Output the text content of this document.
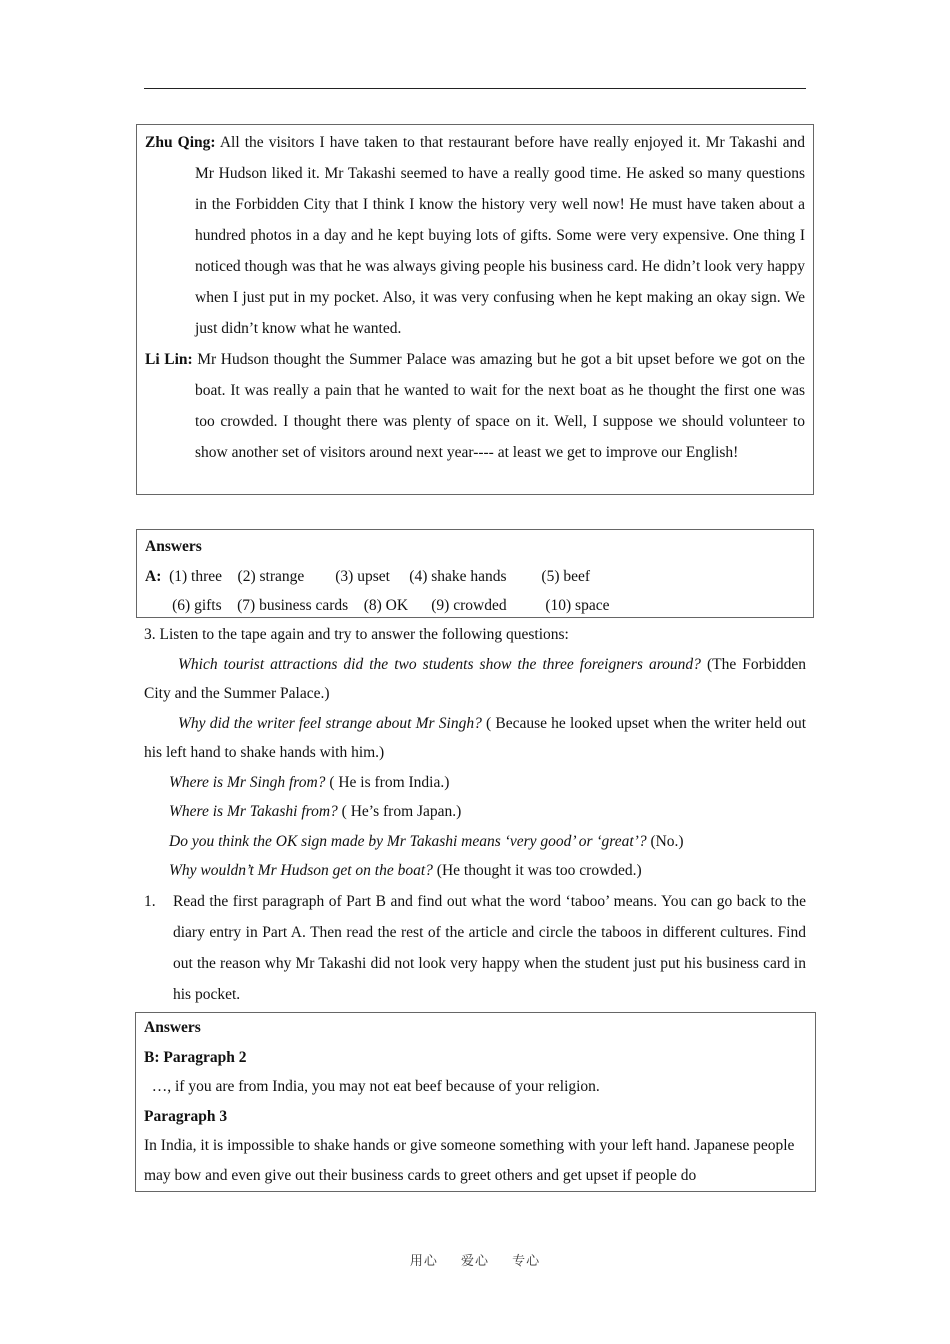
Zhu Qing: All the visitors I have taken to that restaurant before have really enjoyed it. Mr Takashi and Mr Hudson liked it. Mr Takashi seemed to have a really good time. He asked so many questions in the Forbidden City that I think I know the history very well now! He must have taken about a hundred photos in a day and he kept buying lots of gifts. Some were very expensive. One thing I noticed though was that he was always giving people his business card. He didn’t look very happy when I just put in my pocket. Also, it was very confusing when he kept making an okay sign. We just didn’t know what he wanted.
Li Lin: Mr Hudson thought the Summer Palace was amazing but he got a bit upset before we got on the boat. It was really a pain that he wanted to wait for the next boat as he thought the first one was too crowded. I thought there was plenty of space on it. Well, I suppose we should volunteer to show another set of visitors around next year---- at least we get to improve our English!
Answers
A:  (1) three    (2) strange        (3) upset     (4) shake hands         (5) beef
(6) gifts    (7) business cards    (8) OK      (9) crowded          (10) space
3. Listen to the tape again and try to answer the following questions:
Which tourist attractions did the two students show the three foreigners around? (The Forbidden City and the Summer Palace.)
Why did the writer feel strange about Mr Singh? ( Because he looked upset when the writer held out his left hand to shake hands with him.)
Where is Mr Singh from? ( He is from India.)
Where is Mr Takashi from? ( He’s from Japan.)
Do you think the OK sign made by Mr Takashi means ‘very good’ or ‘great’? (No.)
Why wouldn’t Mr Hudson get on the boat? (He thought it was too crowded.)
1. Read the first paragraph of Part B and find out what the word ‘taboo’ means. You can go back to the diary entry in Part A. Then read the rest of the article and circle the taboos in different cultures. Find out the reason why Mr Takashi did not look very happy when the student just put his business card in his pocket.
Answers
B: Paragraph 2
…, if you are from India, you may not eat beef because of your religion.
Paragraph 3
In India, it is impossible to shake hands or give someone something with your left hand. Japanese people may bow and even give out their business cards to greet others and get upset if people do
用心 爱心 专心
